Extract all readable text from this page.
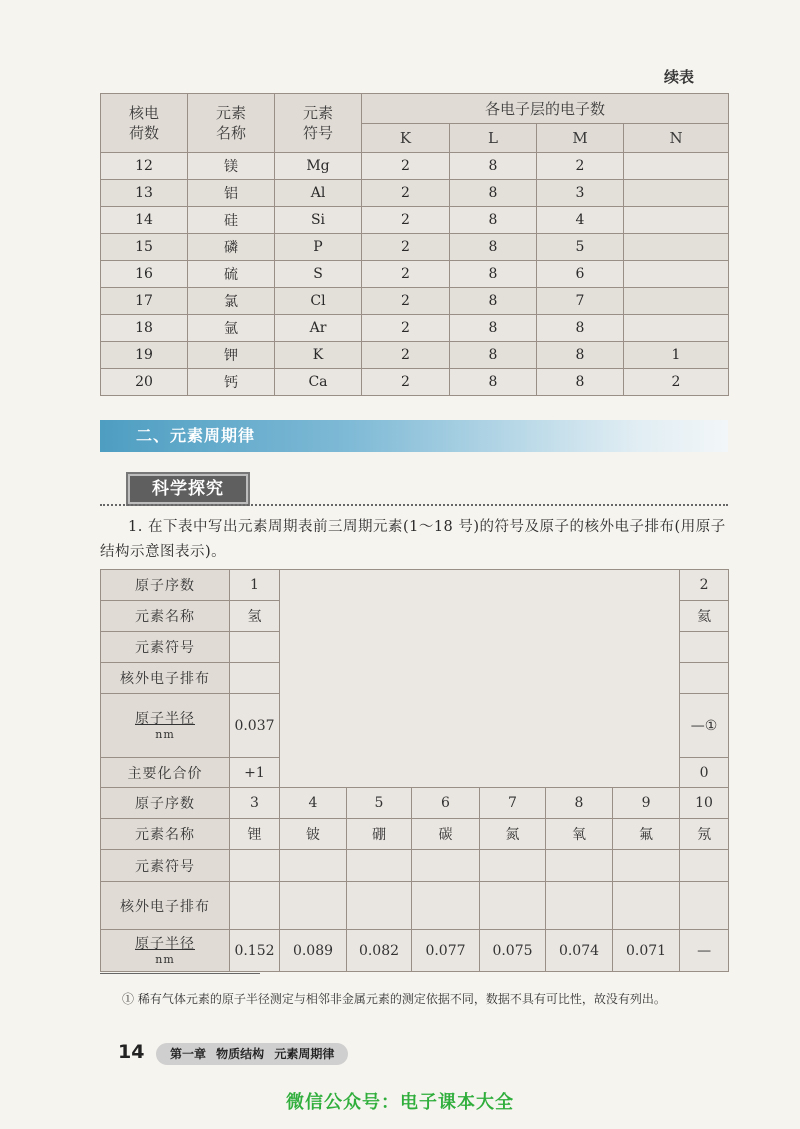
续表
核电荷数	元素名称	元素符号	各电子层的电子数			
			K	L	M	N
12	镁	Mg	2	8	2	
13	铝	Al	2	8	3	
14	硅	Si	2	8	4	
15	磷	P	2	8	5	
16	硫	S	2	8	6	
17	氯	Cl	2	8	7	
18	氩	Ar	2	8	8	
19	钾	K	2	8	8	1
20	钙	Ca	2	8	8	2
二、元素周期律
科学探究
1. 在下表中写出元素周期表前三周期元素(1～18 号)的符号及原子的核外电子排布(用原子结构示意图表示)。
原子序数	1							2
元素名称	氢							氦
元素符号								
核外电子排布								

原子半径
nm	0.037							—①
主要化合价	+1							0
原子序数	3	4	5	6	7	8	9	10
元素名称	锂	铍	硼	碳	氮	氧	氟	氖
元素符号								
核外电子排布								

原子半径
nm	0.152	0.089	0.082	0.077	0.075	0.074	0.071	—
① 稀有气体元素的原子半径测定与相邻非金属元素的测定依据不同，数据不具有可比性，故没有列出。
14	第一章 物质结构 元素周期律
微信公众号：电子课本大全
